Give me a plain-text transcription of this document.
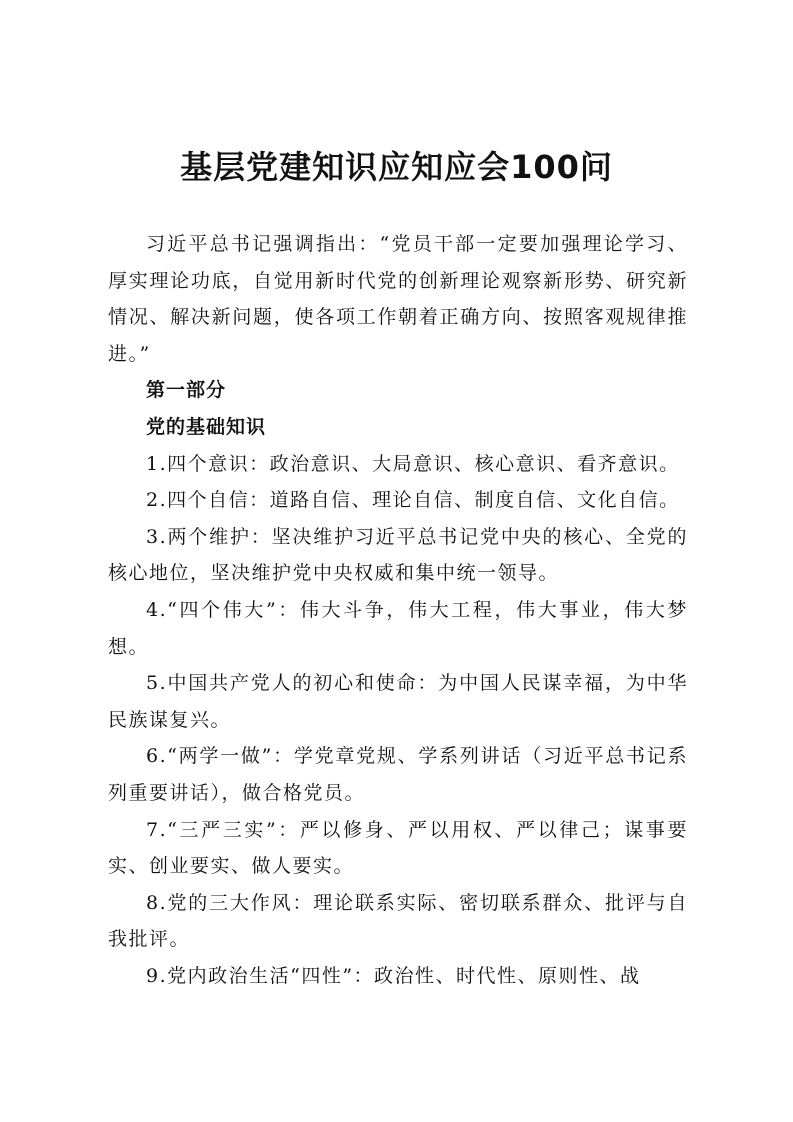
基层党建知识应知应会100问

习近平总书记强调指出：“党员干部一定要加强理论学习、厚实理论功底，自觉用新时代党的创新理论观察新形势、研究新情况、解决新问题，使各项工作朝着正确方向、按照客观规律推进。”

第一部分

党的基础知识

1.四个意识：政治意识、大局意识、核心意识、看齐意识。

2.四个自信：道路自信、理论自信、制度自信、文化自信。

3.两个维护：坚决维护习近平总书记党中央的核心、全党的核心地位，坚决维护党中央权威和集中统一领导。

4.“四个伟大”：伟大斗争，伟大工程，伟大事业，伟大梦想。

5.中国共产党人的初心和使命：为中国人民谋幸福，为中华民族谋复兴。

6.“两学一做”：学党章党规、学系列讲话（习近平总书记系列重要讲话），做合格党员。

7.“三严三实”：严以修身、严以用权、严以律己；谋事要实、创业要实、做人要实。

8.党的三大作风：理论联系实际、密切联系群众、批评与自我批评。

9.党内政治生活“四性”：政治性、时代性、原则性、战
